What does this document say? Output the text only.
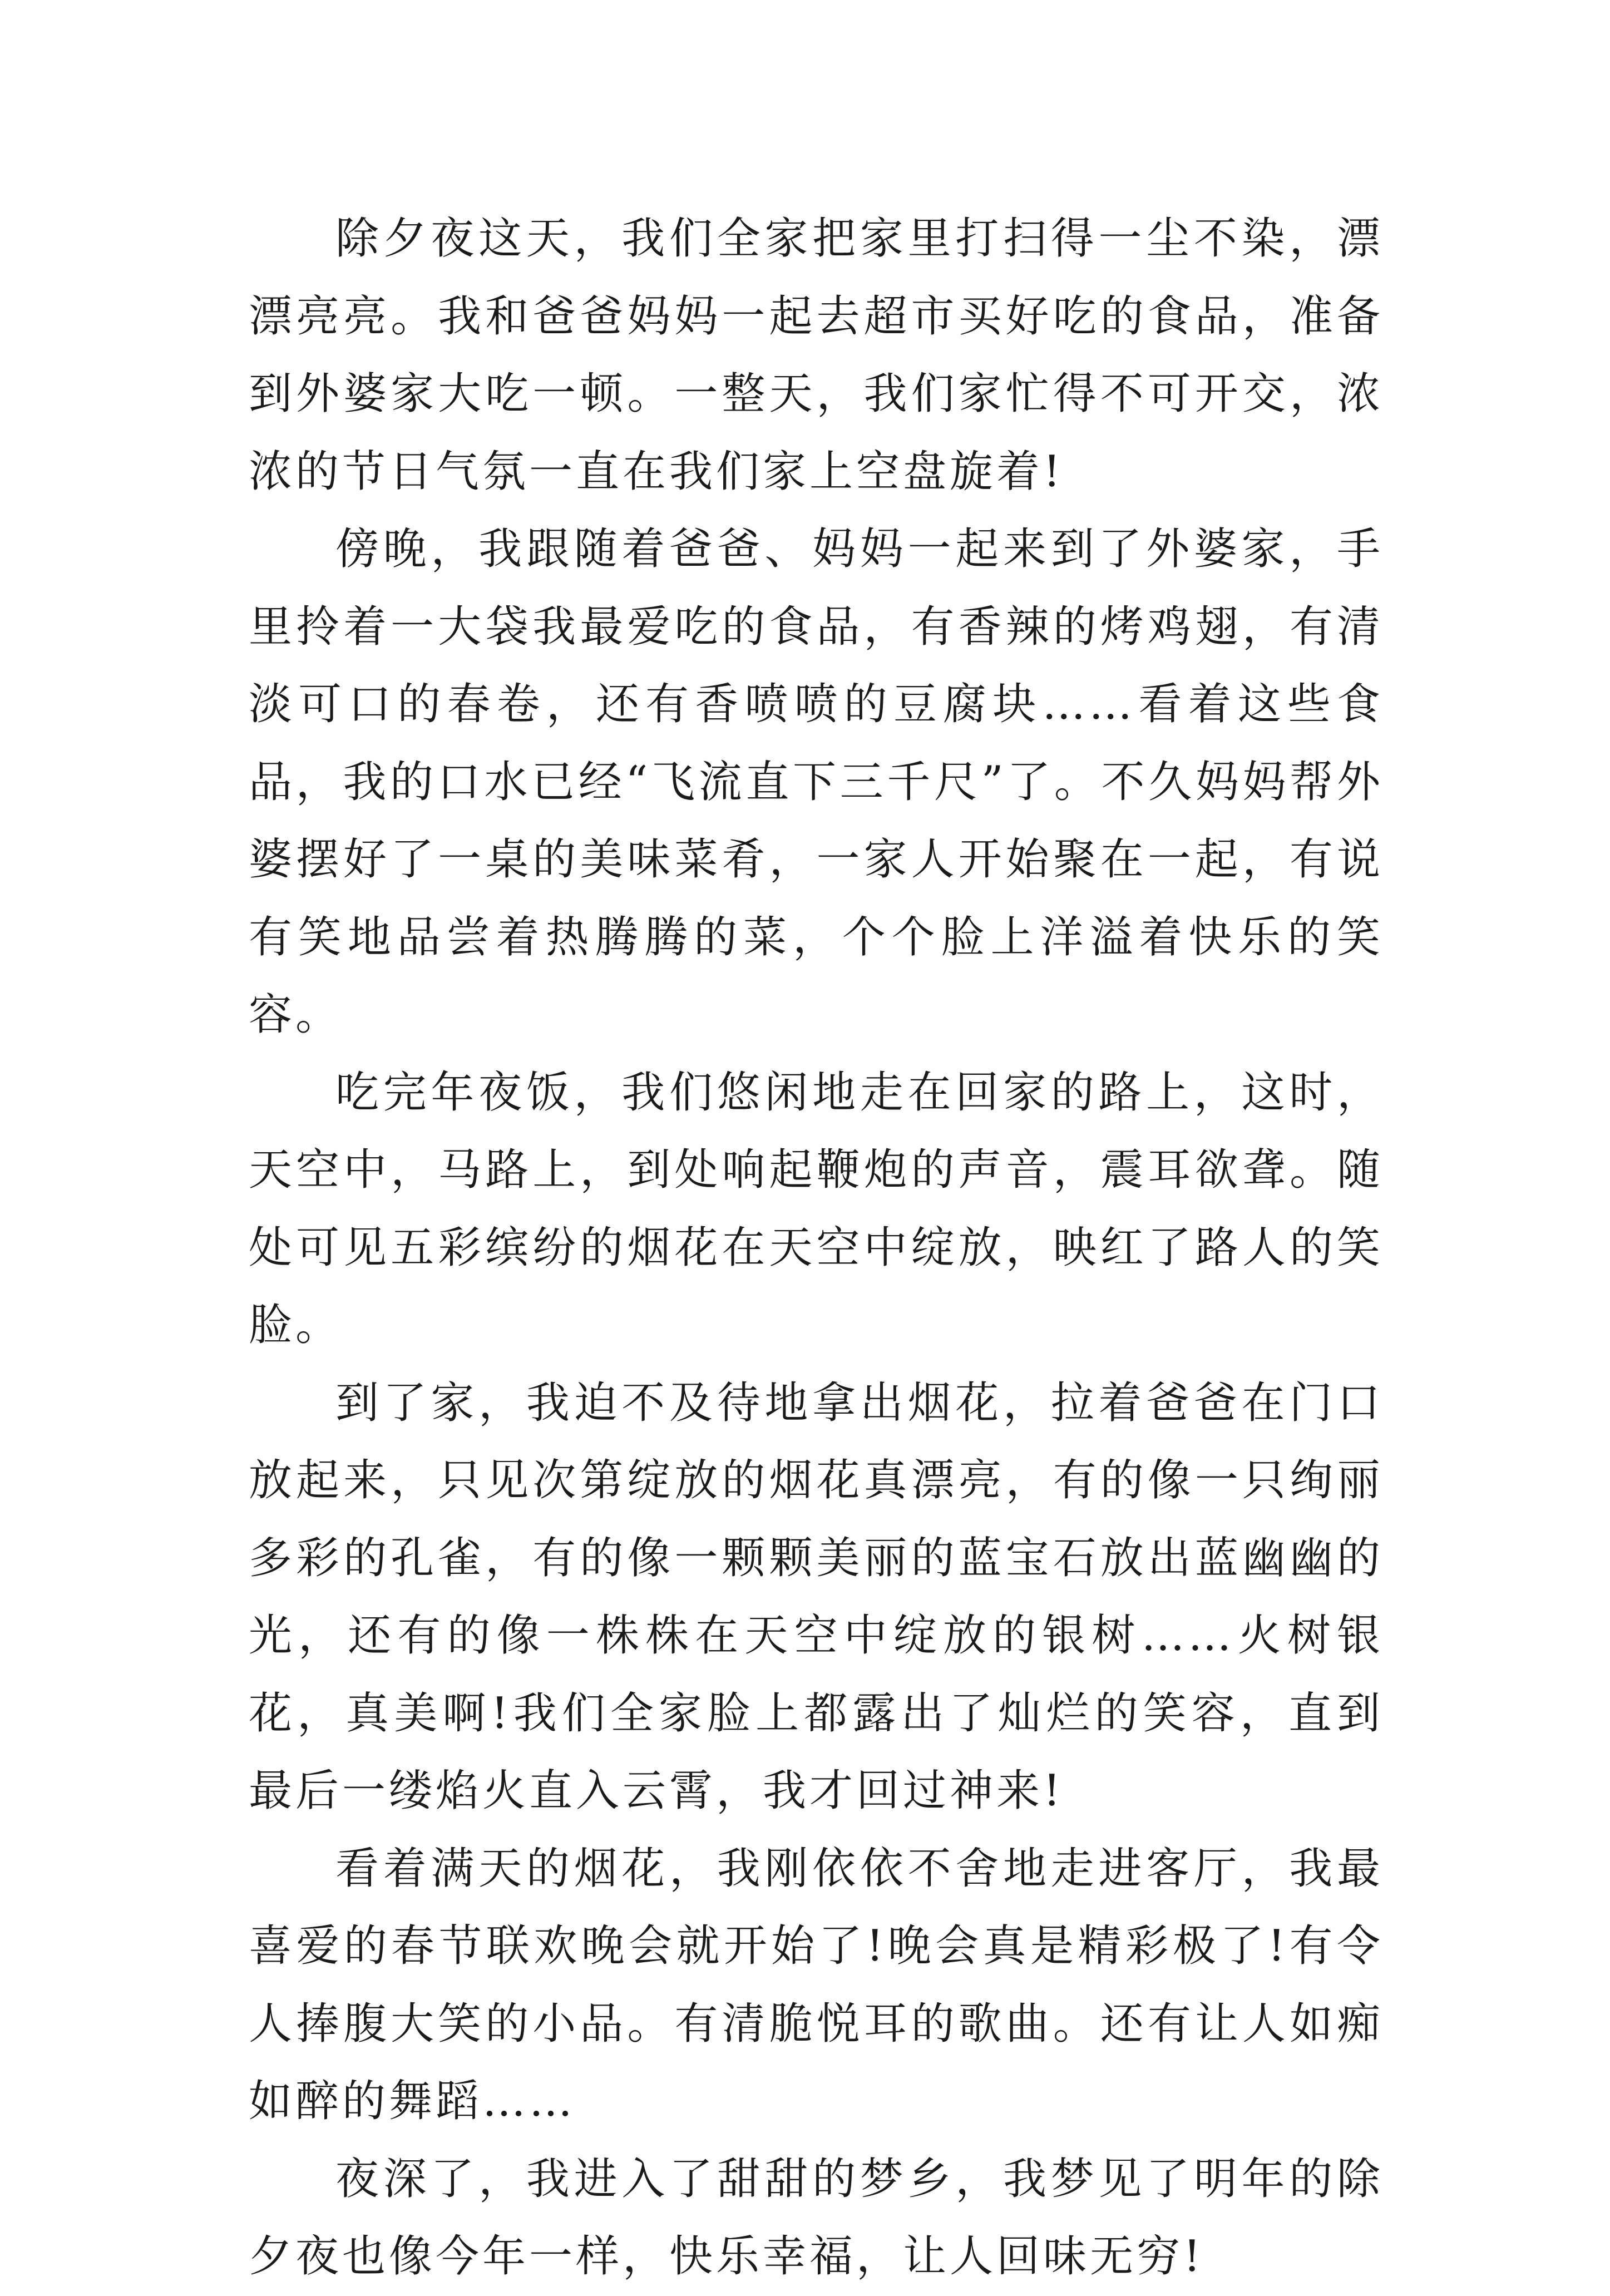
除夕夜这天，我们全家把家里打扫得一尘不染，漂漂亮亮。我和爸爸妈妈一起去超市买好吃的食品，准备到外婆家大吃一顿。一整天，我们家忙得不可开交，浓浓的节日气氛一直在我们家上空盘旋着!

傍晚，我跟随着爸爸、妈妈一起来到了外婆家，手里拎着一大袋我最爱吃的食品，有香辣的烤鸡翅，有清淡可口的春卷，还有香喷喷的豆腐块……看着这些食品，我的口水已经“飞流直下三千尺”了。不久妈妈帮外婆摆好了一桌的美味菜肴，一家人开始聚在一起，有说有笑地品尝着热腾腾的菜，个个脸上洋溢着快乐的笑容。

吃完年夜饭，我们悠闲地走在回家的路上，这时，天空中，马路上，到处响起鞭炮的声音，震耳欲聋。随处可见五彩缤纷的烟花在天空中绽放，映红了路人的笑脸。

到了家，我迫不及待地拿出烟花，拉着爸爸在门口放起来，只见次第绽放的烟花真漂亮，有的像一只绚丽多彩的孔雀，有的像一颗颗美丽的蓝宝石放出蓝幽幽的光，还有的像一株株在天空中绽放的银树……火树银花，真美啊!我们全家脸上都露出了灿烂的笑容，直到最后一缕焰火直入云霄，我才回过神来!

看着满天的烟花，我刚依依不舍地走进客厅，我最喜爱的春节联欢晚会就开始了!晚会真是精彩极了!有令人捧腹大笑的小品。有清脆悦耳的歌曲。还有让人如痴如醉的舞蹈……

夜深了，我进入了甜甜的梦乡，我梦见了明年的除夕夜也像今年一样，快乐幸福，让人回味无穷!
